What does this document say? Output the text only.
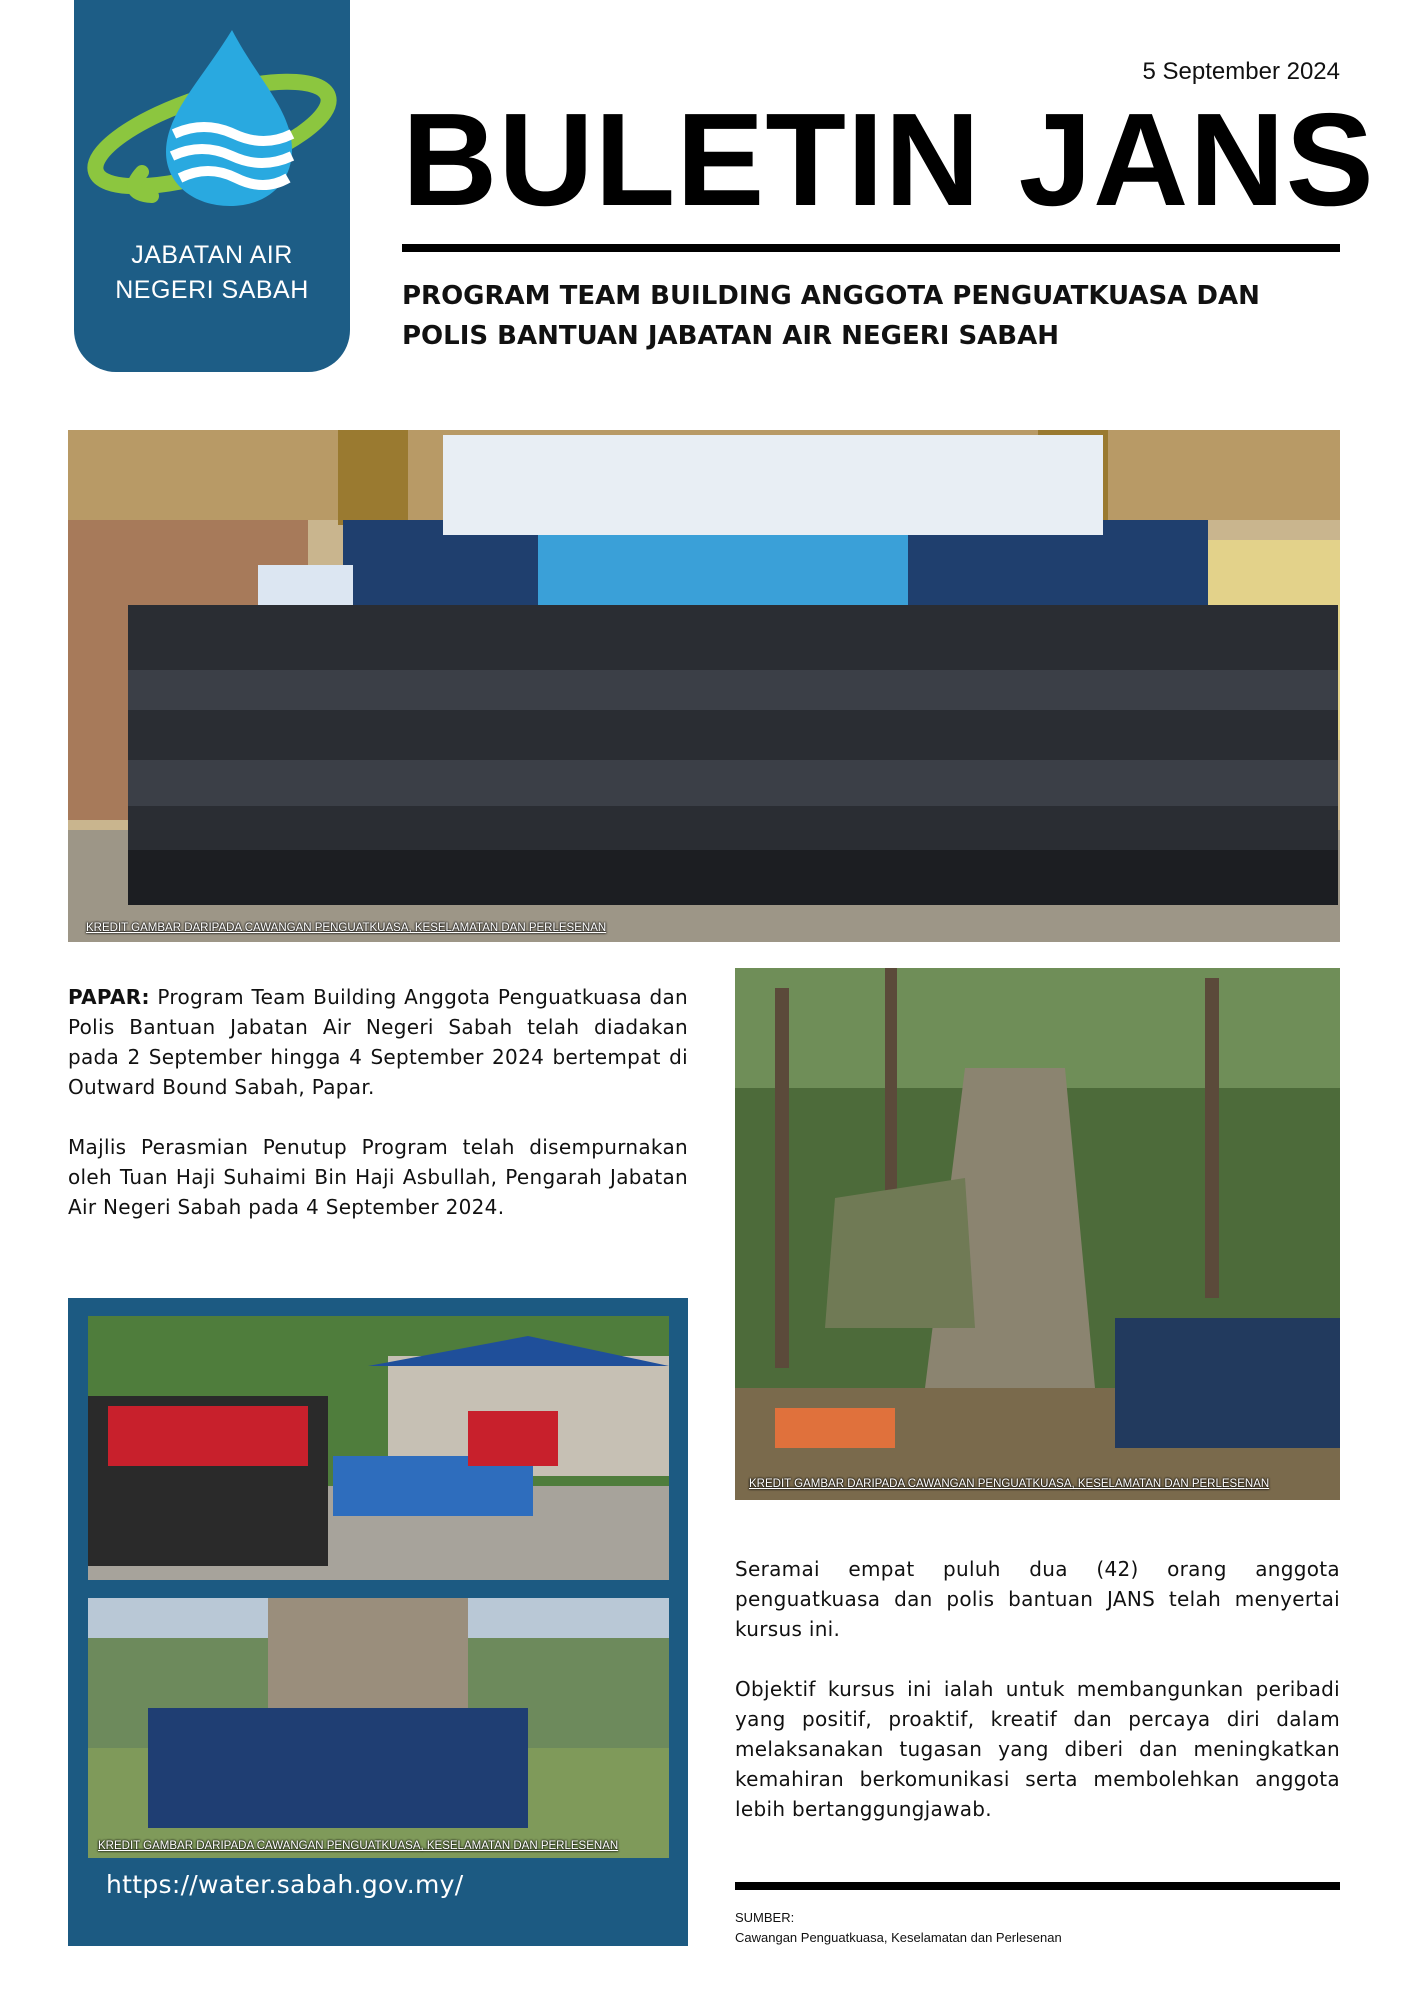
JABATAN AIR
NEGERI SABAH
5 September 2024
BULETIN JANS
PROGRAM TEAM BUILDING ANGGOTA PENGUATKUASA DAN POLIS BANTUAN JABATAN AIR NEGERI SABAH
KREDIT GAMBAR DARIPADA CAWANGAN PENGUATKUASA, KESELAMATAN DAN PERLESENAN

PAPAR: Program Team Building Anggota Penguatkuasa dan Polis Bantuan Jabatan Air Negeri Sabah telah diadakan pada 2 September hingga 4 September 2024 bertempat di Outward Bound Sabah, Papar.

Majlis Perasmian Penutup Program telah disempurnakan oleh Tuan Haji Suhaimi Bin Haji Asbullah, Pengarah Jabatan Air Negeri Sabah pada 4 September 2024.

KREDIT GAMBAR DARIPADA CAWANGAN PENGUATKUASA, KESELAMATAN DAN PERLESENAN
KREDIT GAMBAR DARIPADA CAWANGAN PENGUATKUASA, KESELAMATAN DAN PERLESENAN
https://water.sabah.gov.my/

Seramai empat puluh dua (42) orang anggota penguatkuasa dan polis bantuan JANS telah menyertai kursus ini.

Objektif kursus ini ialah untuk membangunkan peribadi yang positif, proaktif, kreatif dan percaya diri dalam melaksanakan tugasan yang diberi dan meningkatkan kemahiran berkomunikasi serta membolehkan anggota lebih bertanggungjawab.

SUMBER:
Cawangan Penguatkuasa, Keselamatan dan Perlesenan
